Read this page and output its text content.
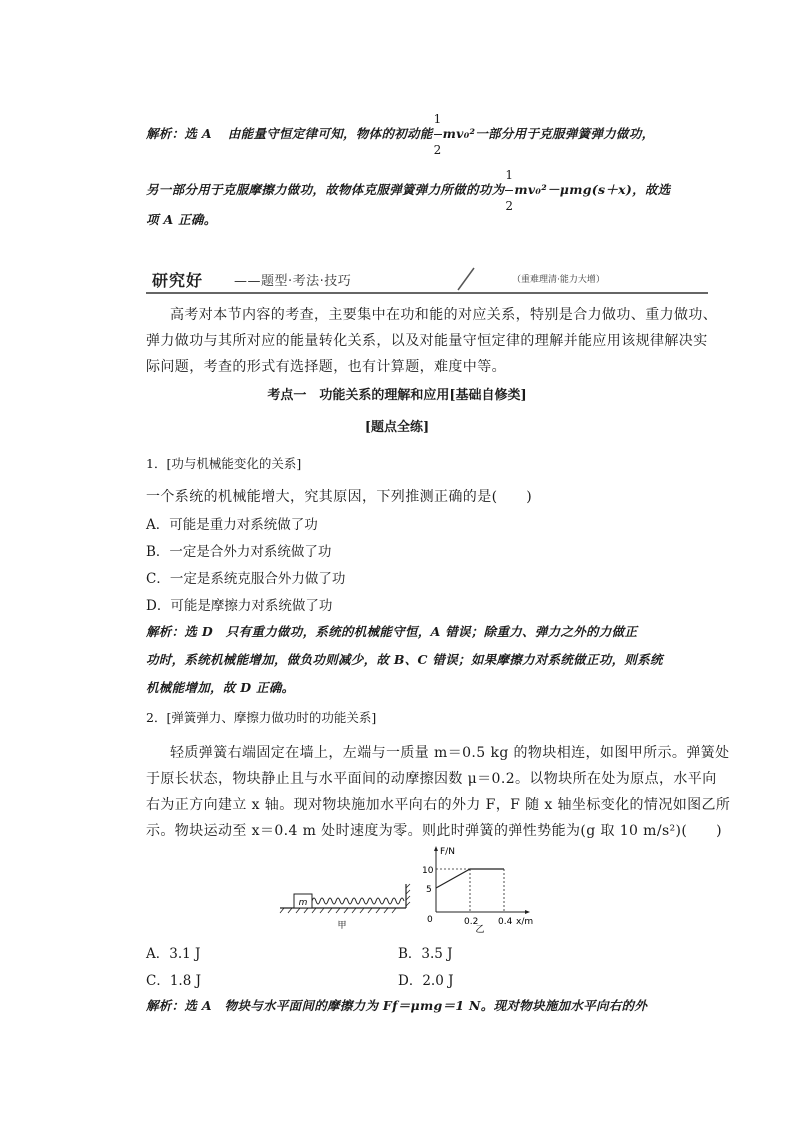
解析：选 A 由能量守恒定律可知，物体的初动能 $\frac{1}{2} mv_0^2$一部分用于克服弹簧弹力做功，
另一部分用于克服摩擦力做功，故物体克服弹簧弹力所做的功为 $\frac{1}{2} mv_0^2-\mu mg(s+x)$，故选
项 A 正确。
研究好 ——题型·考法·技巧	（重难理清·能力大增）
高考对本节内容的考查，主要集中在功和能的对应关系，特别是合力做功、重力做功、
弹力做功与其所对应的能量转化关系，以及对能量守恒定律的理解并能应用该规律解决实
际问题，考查的形式有选择题，也有计算题，难度中等。
考点一　功能关系的理解和应用[基础自修类]
[题点全练]
1．[功与机械能变化的关系]
一个系统的机械能增大，究其原因，下列推测正确的是(　　)
A．可能是重力对系统做了功
B．一定是合外力对系统做了功
C．一定是系统克服合外力做了功
D．可能是摩擦力对系统做了功
解析：选 D　只有重力做功，系统的机械能守恒，A 错误；除重力、弹力之外的力做正
功时，系统机械能增加，做负功则减少，故 B、C 错误；如果摩擦力对系统做正功，则系统
机械能增加，故 D 正确。
2．[弹簧弹力、摩擦力做功时的功能关系]
轻质弹簧右端固定在墙上，左端与一质量 m＝0.5 kg 的物块相连，如图甲所示。弹簧处
于原长状态，物块静止且与水平面间的动摩擦因数 μ＝0.2。以物块所在处为原点，水平向
右为正方向建立 x 轴。现对物块施加水平向右的外力 F，F 随 x 轴坐标变化的情况如图乙所
示。物块运动至 x＝0.4 m 处时速度为零。则此时弹簧的弹性势能为(g 取 10 m/s²)(　　)
m
甲
F/N
x/m
0
10
5
0.2 0.4
乙
A．3.1 J	B．3.5 J
C．1.8 J	D．2.0 J
解析：选 A　物块与水平面间的摩擦力为 Ff＝μmg＝1 N。现对物块施加水平向右的外
